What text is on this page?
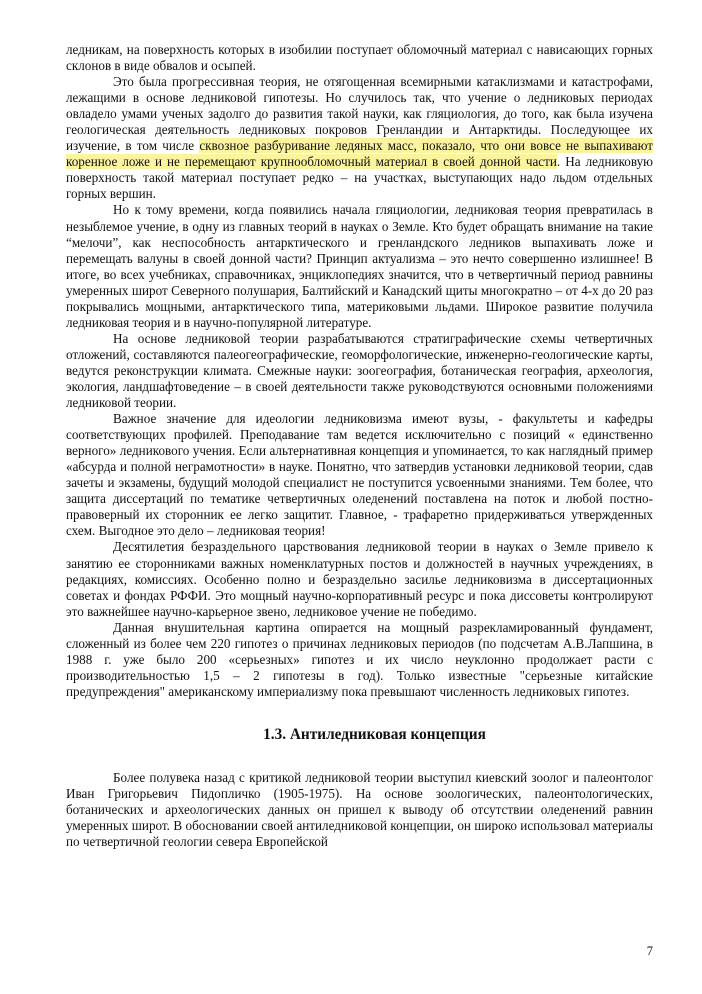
ледникам, на поверхность которых в изобилии поступает обломочный материал с нависающих горных склонов в виде обвалов и осыпей.

Это была прогрессивная теория, не отягощенная всемирными катаклизмами и катастрофами, лежащими в основе ледниковой гипотезы. Но случилось так, что учение о ледниковых периодах овладело умами ученых задолго до развития такой науки, как гляциология, до того, как была изучена геологическая деятельность ледниковых покровов Гренландии и Антарктиды. Последующее их изучение, в том числе сквозное разбуривание ледяных масс, показало, что они вовсе не выпахивают коренное ложе и не перемещают крупнообломочный материал в своей донной части. На ледниковую поверхность такой материал поступает редко – на участках, выступающих надо льдом отдельных горных вершин.

Но к тому времени, когда появились начала гляциологии, ледниковая теория превратилась в незыблемое учение, в одну из главных теорий в науках о Земле. Кто будет обращать внимание на такие “мелочи”, как неспособность антарктического и гренландского ледников выпахивать ложе и перемещать валуны в своей донной части? Принцип актуализма – это нечто совершенно излишнее! В итоге, во всех учебниках, справочниках, энциклопедиях значится, что в четвертичный период равнины умеренных широт Северного полушария, Балтийский и Канадский щиты многократно – от 4-х до 20 раз покрывались мощными, антарктического типа, материковыми льдами. Широкое развитие получила ледниковая теория и в научно-популярной литературе.

На основе ледниковой теории разрабатываются стратиграфические схемы четвертичных отложений, составляются палеогеографические, геоморфологические, инженерно-геологические карты, ведутся реконструкции климата. Смежные науки: зоогеография, ботаническая география, археология, экология, ландшафтоведение – в своей деятельности также руководствуются основными положениями ледниковой теории.

Важное значение для идеологии ледниковизма имеют вузы, - факультеты и кафедры соответствующих профилей. Преподавание там ведется исключительно с позиций « единственно верного» ледникового учения. Если альтернативная концепция и упоминается, то как наглядный пример «абсурда и полной неграмотности» в науке. Понятно, что затвердив установки ледниковой теории, сдав зачеты и экзамены, будущий молодой специалист не поступится усвоенными знаниями. Тем более, что защита диссертаций по тематике четвертичных оледенений поставлена на поток и любой постно-правоверный их сторонник ее легко защитит. Главное, - трафаретно придерживаться утвержденных схем. Выгодное это дело – ледниковая теория!

Десятилетия безраздельного царствования ледниковой теории в науках о Земле привело к занятию ее сторонниками важных номенклатурных постов и должностей в научных учреждениях, в редакциях, комиссиях. Особенно полно и безраздельно засилье ледниковизма в диссертационных советах и фондах РФФИ. Это мощный научно-корпоративный ресурс и пока диссоветы контролируют это важнейшее научно-карьерное звено, ледниковое учение не победимо.

Данная внушительная картина опирается на мощный разрекламированный фундамент, сложенный из более чем 220 гипотез о причинах ледниковых периодов (по подсчетам А.В.Лапшина, в 1988 г. уже было 200 «серьезных» гипотез и их число неуклонно продолжает расти с производительностью 1,5 – 2 гипотезы в год). Только известные "серьезные китайские предупреждения" американскому империализму пока превышают численность ледниковых гипотез.

1.3. Антиледниковая концепция

Более полувека назад с критикой ледниковой теории выступил киевский зоолог и палеонтолог Иван Григорьевич Пидопличко (1905-1975). На основе зоологических, палеонтологических, ботанических и археологических данных он пришел к выводу об отсутствии оледенений равнин умеренных широт. В обосновании своей антиледниковой концепции, он широко использовал материалы по четвертичной геологии севера Европейской

7
